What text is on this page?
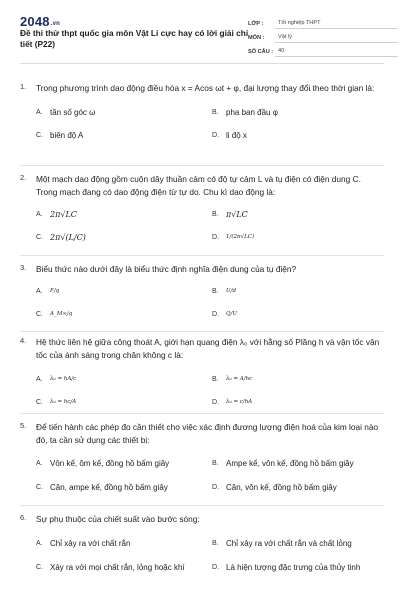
2048.vn
Đề thi thử thpt quốc gia môn Vật Lí cực hay có lời giải chi tiết (P22)
LỚP :	Tốt nghiệp THPT
MÔN :	Vật lý
SỐ CÂU : 40
1. Trong phương trình dao động điều hòa x = Acos ωt + φ, đại lượng thay đổi theo thời gian là:
A. tần số góc ω	B. pha ban đầu φ
C. biên độ A	D. li độ x
2. Một mạch dao động gồm cuộn dây thuần cảm có độ tự cảm L và tụ điện có điện dung C. Trong mạch đang có dao động điện từ tự do. Chu kì dao động là:
A. 2π√LC	B. π√LC
C. 2π√(L/C)	D.	1/(2π√LC)
3. Biểu thức nào dưới đây là biểu thức định nghĩa điện dung của tụ điện?
A.	F/q	B.	U/d
C.	A_M∞/q	D.	Q/U
4. Hệ thức liên hệ giữa công thoát A, giới hạn quang điện λ₀ với hằng số Plăng h và vận tốc vận tốc của ánh sáng trong chân không c là:
A.	λ₀ = hA/c	B.	λ₀ = A/hc
C.	λ₀ = hc/A	D.	λ₀ = c/hA
5. Để tiến hành các phép đo cần thiết cho việc xác định đương lượng điện hoá của kim loại nào đó, ta cần sử dụng các thiết bị:
A. Vôn kế, ôm kế, đồng hồ bấm giây	B. Ampe kế, vôn kế, đồng hồ bấm giây
C. Cân, ampe kế, đồng hồ bấm giây	D. Cân, vôn kế, đồng hồ bấm giây
6. Sự phụ thuộc của chiết suất vào bước sóng:
A. Chỉ xảy ra với chất rắn	B. Chỉ xảy ra với chất rắn và chất lỏng
C. Xảy ra với mọi chất rắn, lỏng hoặc khí	D. Là hiện tượng đặc trưng của thủy tinh
